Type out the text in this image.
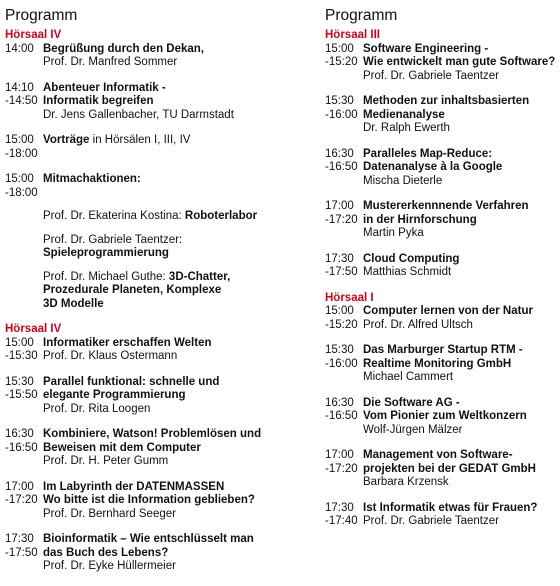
Programm
Hörsaal IV
14:00 Begrüßung durch den Dekan,
Prof. Dr. Manfred Sommer
14:10
-14:50
Abenteuer Informatik -
Informatik begreifen
Dr. Jens Gallenbacher, TU Darmstadt
15:00
-18:00
Vorträge in Hörsälen I, III, IV
15:00
-18:00
Mitmachaktionen:
Prof. Dr. Ekaterina Kostina: Roboterlabor
Prof. Dr. Gabriele Taentzer:
Spieleprogrammierung
Prof. Dr. Michael Guthe: 3D-Chatter,
Prozedurale Planeten, Komplexe
3D Modelle
Hörsaal IV
15:00
-15:30
Informatiker erschaffen Welten
Prof. Dr. Klaus Ostermann
15:30
-15:50
Parallel funktional: schnelle und
elegante Programmierung
Prof. Dr. Rita Loogen
16:30
-16:50
Kombiniere, Watson! Problemlösen und
Beweisen mit dem Computer
Prof. Dr. H. Peter Gumm
17:00
-17:20
Im Labyrinth der DATENMASSEN
Wo bitte ist die Information geblieben?
Prof. Dr. Bernhard Seeger
17:30
-17:50
Bioinformatik – Wie entschlüsselt man
das Buch des Lebens?
Prof. Dr. Eyke Hüllermeier
Programm
Hörsaal III
15:00
-15:20
Software Engineering -
Wie entwickelt man gute Software?
Prof. Dr. Gabriele Taentzer
15:30
-16:00
Methoden zur inhaltsbasierten
Medienanalyse
Dr. Ralph Ewerth
16:30
-16:50
Paralleles Map-Reduce:
Datenanalyse à la Google
Mischa Dieterle
17:00
-17:20
Mustererkennnende Verfahren
in der Hirnforschung
Martin Pyka
17:30
-17:50
Cloud Computing
Matthias Schmidt
Hörsaal I
15:00
-15:20
Computer lernen von der Natur
Prof. Dr. Alfred Ultsch
15:30
-16:00
Das Marburger Startup RTM -
Realtime Monitoring GmbH
Michael Cammert
16:30
-16:50
Die Software AG -
Vom Pionier zum Weltkonzern
Wolf-Jürgen Mälzer
17:00
-17:20
Management von Software-
projekten bei der GEDAT GmbH
Barbara Krzensk
17:30
-17:40
Ist Informatik etwas für Frauen?
Prof. Dr. Gabriele Taentzer
